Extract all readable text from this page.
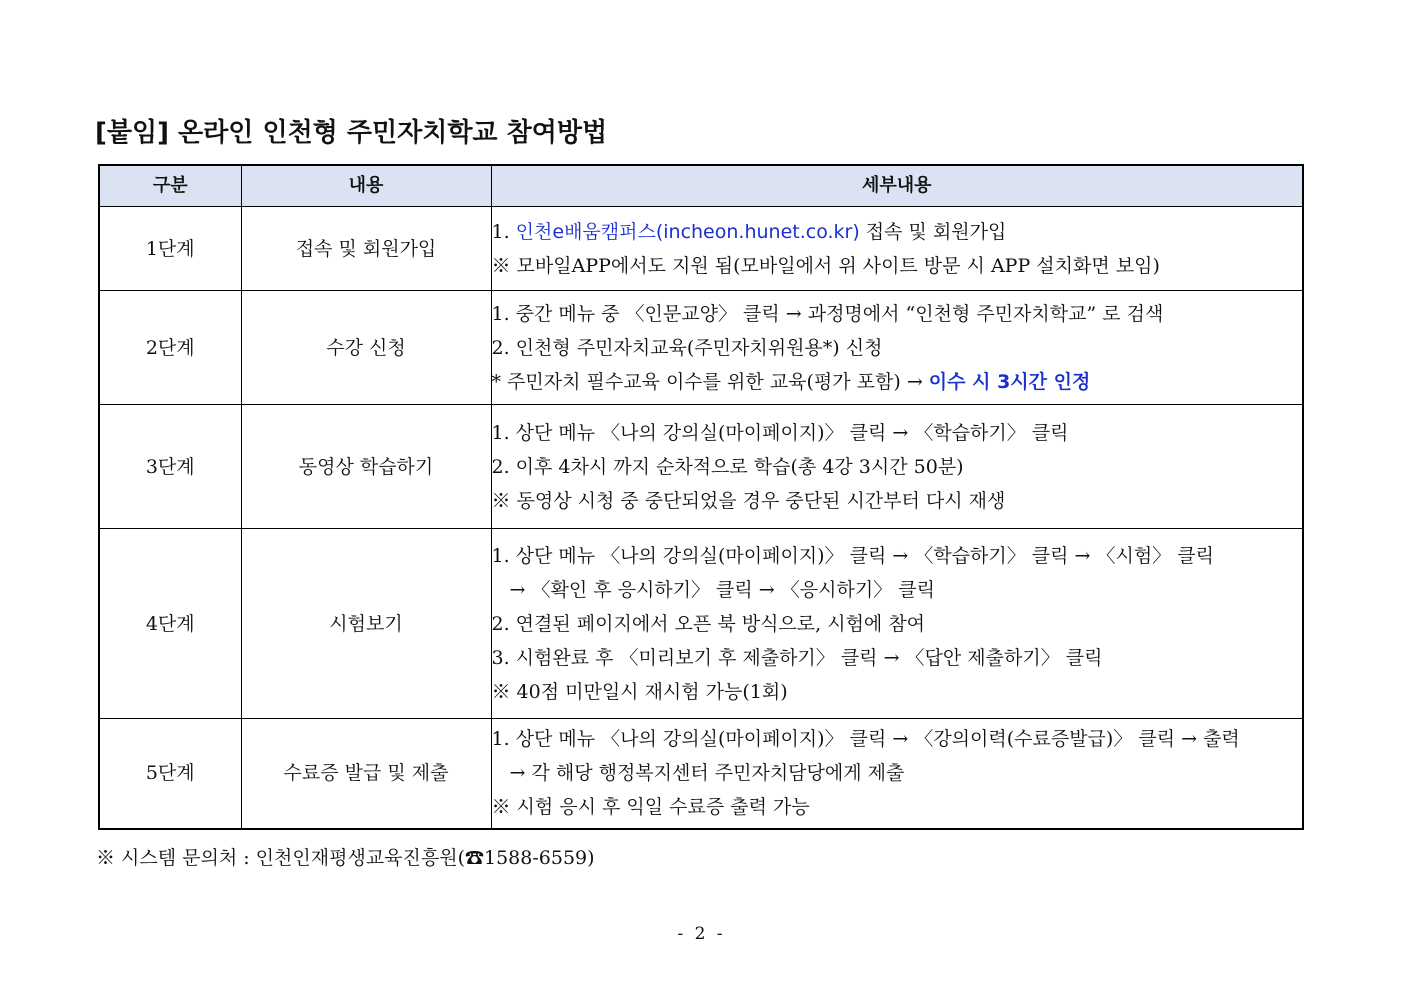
[붙임] 온라인 인천형 주민자치학교 참여방법
구분	내용	세부내용
1단계	접속 및 회원가입	1. 인천e배움캠퍼스(incheon.hunet.co.kr) 접속 및 회원가입
※ 모바일APP에서도 지원 됨(모바일에서 위 사이트 방문 시 APP 설치화면 보임)

2단계	수강 신청	1. 중간 메뉴 중 〈인문교양〉 클릭 → 과정명에서 “인천형 주민자치학교” 로 검색
2. 인천형 주민자치교육(주민자치위원용*) 신청
* 주민자치 필수교육 이수를 위한 교육(평가 포함) → 이수 시 3시간 인정

3단계	동영상 학습하기	1. 상단 메뉴 〈나의 강의실(마이페이지)〉 클릭 → 〈학습하기〉 클릭
2. 이후 4차시 까지 순차적으로 학습(총 4강 3시간 50분)
※ 동영상 시청 중 중단되었을 경우 중단된 시간부터 다시 재생

4단계	시험보기	1. 상단 메뉴 〈나의 강의실(마이페이지)〉 클릭 → 〈학습하기〉 클릭 → 〈시험〉 클릭
→ 〈확인 후 응시하기〉 클릭 → 〈응시하기〉 클릭
2. 연결된 페이지에서 오픈 북 방식으로, 시험에 참여
3. 시험완료 후 〈미리보기 후 제출하기〉 클릭 → 〈답안 제출하기〉 클릭
※ 40점 미만일시 재시험 가능(1회)

5단계	수료증 발급 및 제출	1. 상단 메뉴 〈나의 강의실(마이페이지)〉 클릭 → 〈강의이력(수료증발급)〉 클릭 → 출력
→ 각 해당 행정복지센터 주민자치담당에게 제출
※ 시험 응시 후 익일 수료증 출력 가능
※ 시스템 문의처 : 인천인재평생교육진흥원(☎1588-6559)
- 2 -
